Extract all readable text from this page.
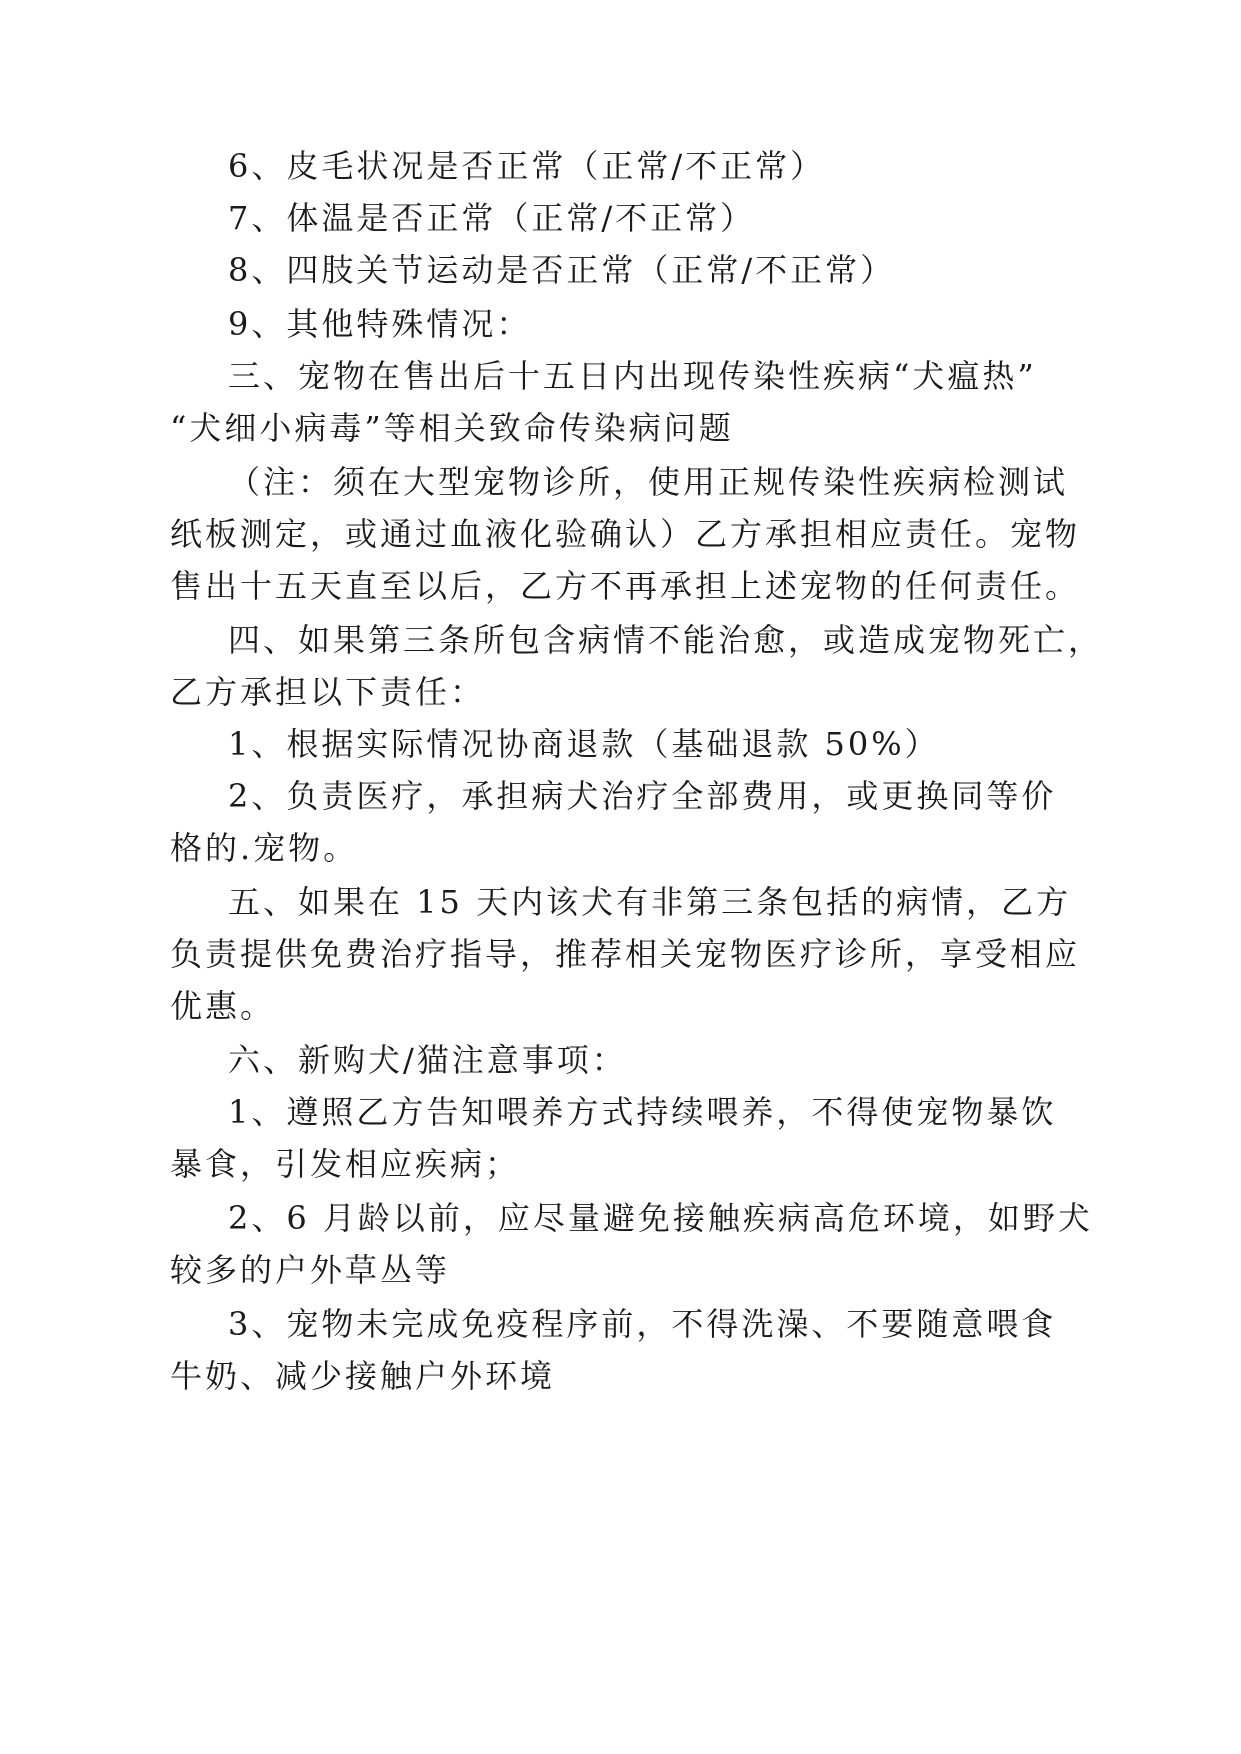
6、皮毛状况是否正常（正常/不正常）
7、体温是否正常（正常/不正常）
8、四肢关节运动是否正常（正常/不正常）
9、其他特殊情况：
三、宠物在售出后十五日内出现传染性疾病“犬瘟热”
“犬细小病毒”等相关致命传染病问题
（注：须在大型宠物诊所，使用正规传染性疾病检测试
纸板测定，或通过血液化验确认）乙方承担相应责任。宠物
售出十五天直至以后，乙方不再承担上述宠物的任何责任。
四、如果第三条所包含病情不能治愈，或造成宠物死亡，
乙方承担以下责任：
1、根据实际情况协商退款（基础退款 50%）
2、负责医疗，承担病犬治疗全部费用，或更换同等价
格的.宠物。
五、如果在 15 天内该犬有非第三条包括的病情，乙方
负责提供免费治疗指导，推荐相关宠物医疗诊所，享受相应
优惠。
六、新购犬/猫注意事项：
1、遵照乙方告知喂养方式持续喂养，不得使宠物暴饮
暴食，引发相应疾病；
2、6 月龄以前，应尽量避免接触疾病高危环境，如野犬
较多的户外草丛等
3、宠物未完成免疫程序前，不得洗澡、不要随意喂食
牛奶、减少接触户外环境
